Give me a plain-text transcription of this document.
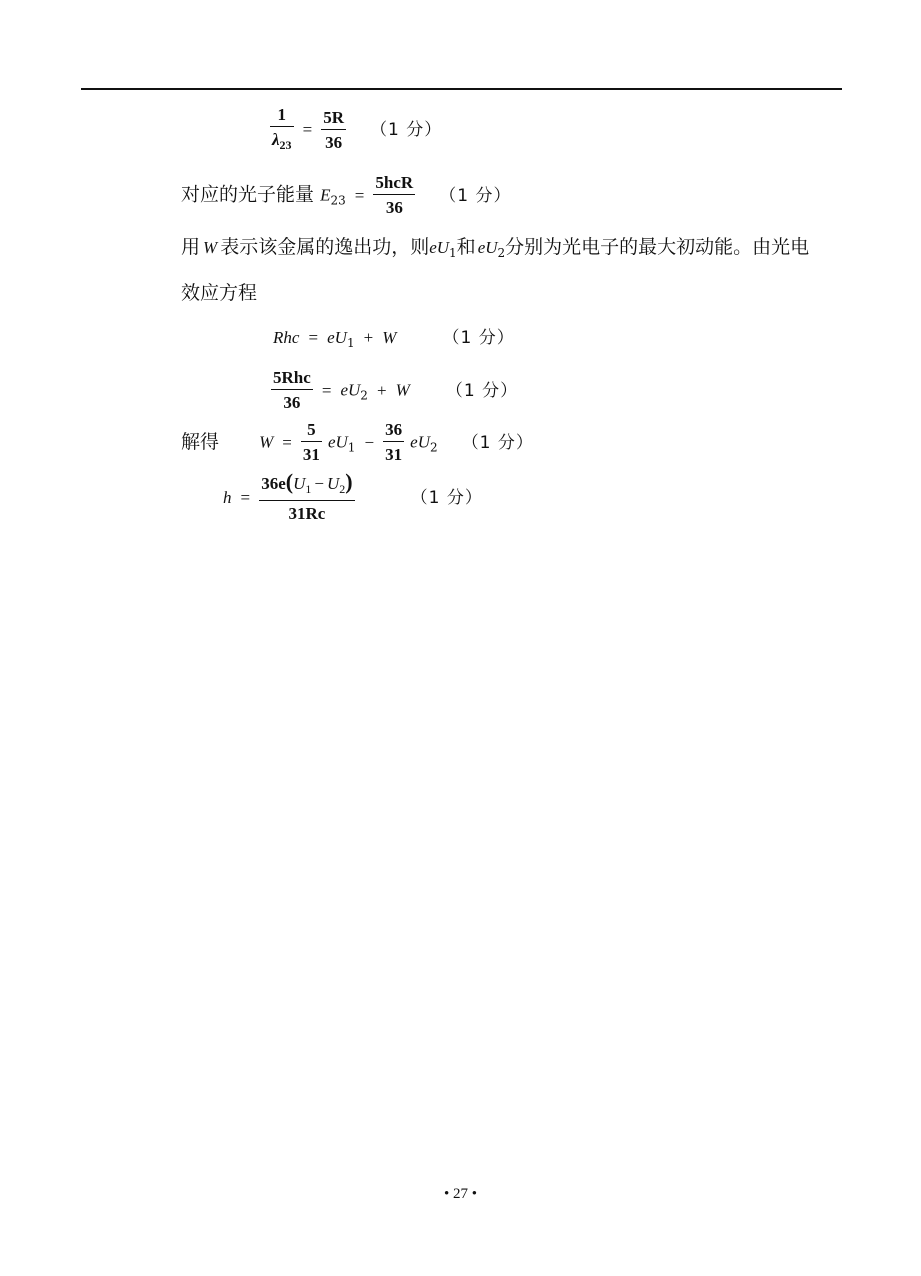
$\frac{1}{\lambda_{23}} = \frac{5R}{36} (1$ 分）
对应的光子能量 $E_{23} = \frac{\text{5hcR}}{36} (1$ 分）
用 W 表示该金属的逸出功，则$eU_1$和 $eU_2$分别为光电子的最大初动能。由光电
效应方程
Rhc = $eU_1 + W$	（1 分）
$\frac{\text{5Rhc}}{36} = eU_2 + W$ （1 分）
解得 $W = \frac{5}{31} eU_1 - \frac{36}{31} eU_2$ （1 分）
$h = \frac{36e(U_1 - U_2)}{31Rc}$	（1 分）
• 27 •
